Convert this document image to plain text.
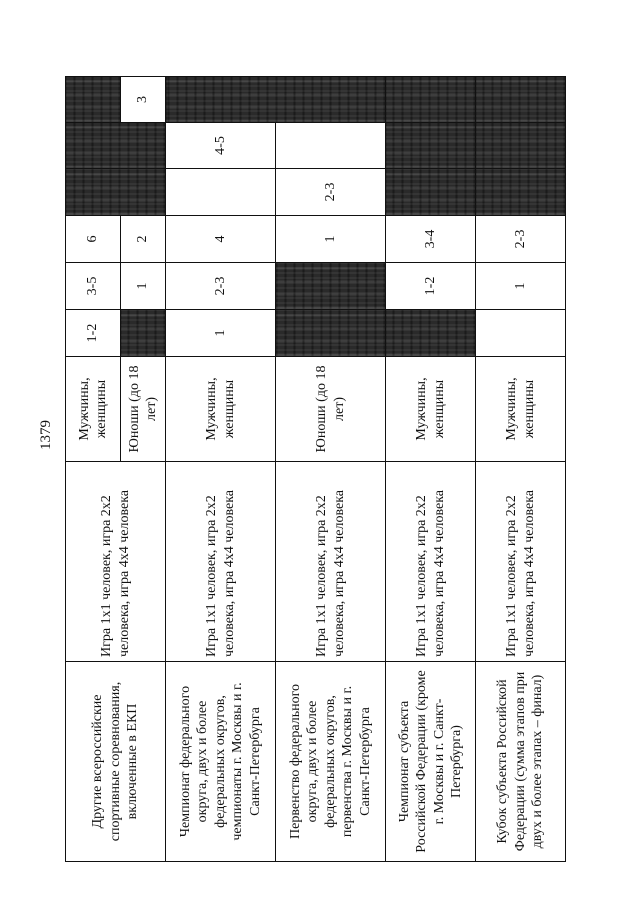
1379
Другие всероссийские спортивные соревнования, включенные в ЕКП	Игра 1x1 человек, игра 2x2 человека, игра 4x4 человека	Мужчины, женщины	1-2	3-5	6			
		Юноши (до 18 лет)		1	2			3
Чемпионат федерального округа, двух и более федеральных округов, чемпионаты г. Москвы и г. Санкт-Петербурга	Игра 1x1 человек, игра 2x2 человека, игра 4x4 человека	Мужчины, женщины	1	2-3	4		4-5	
Первенство федерального округа, двух и более федеральных округов, первенства г. Москвы и г. Санкт-Петербурга	Игра 1x1 человек, игра 2x2 человека, игра 4x4 человека	Юноши (до 18 лет)			1	2-3		
Чемпионат субъекта Российской Федерации (кроме г. Москвы и г. Санкт-Петербурга)	Игра 1x1 человек, игра 2x2 человека, игра 4x4 человека	Мужчины, женщины		1-2	3-4			
Кубок субъекта Российской Федерации (сумма этапов при двух и более этапах – финал)	Игра 1x1 человек, игра 2x2 человека, игра 4x4 человека	Мужчины, женщины		1	2-3			
